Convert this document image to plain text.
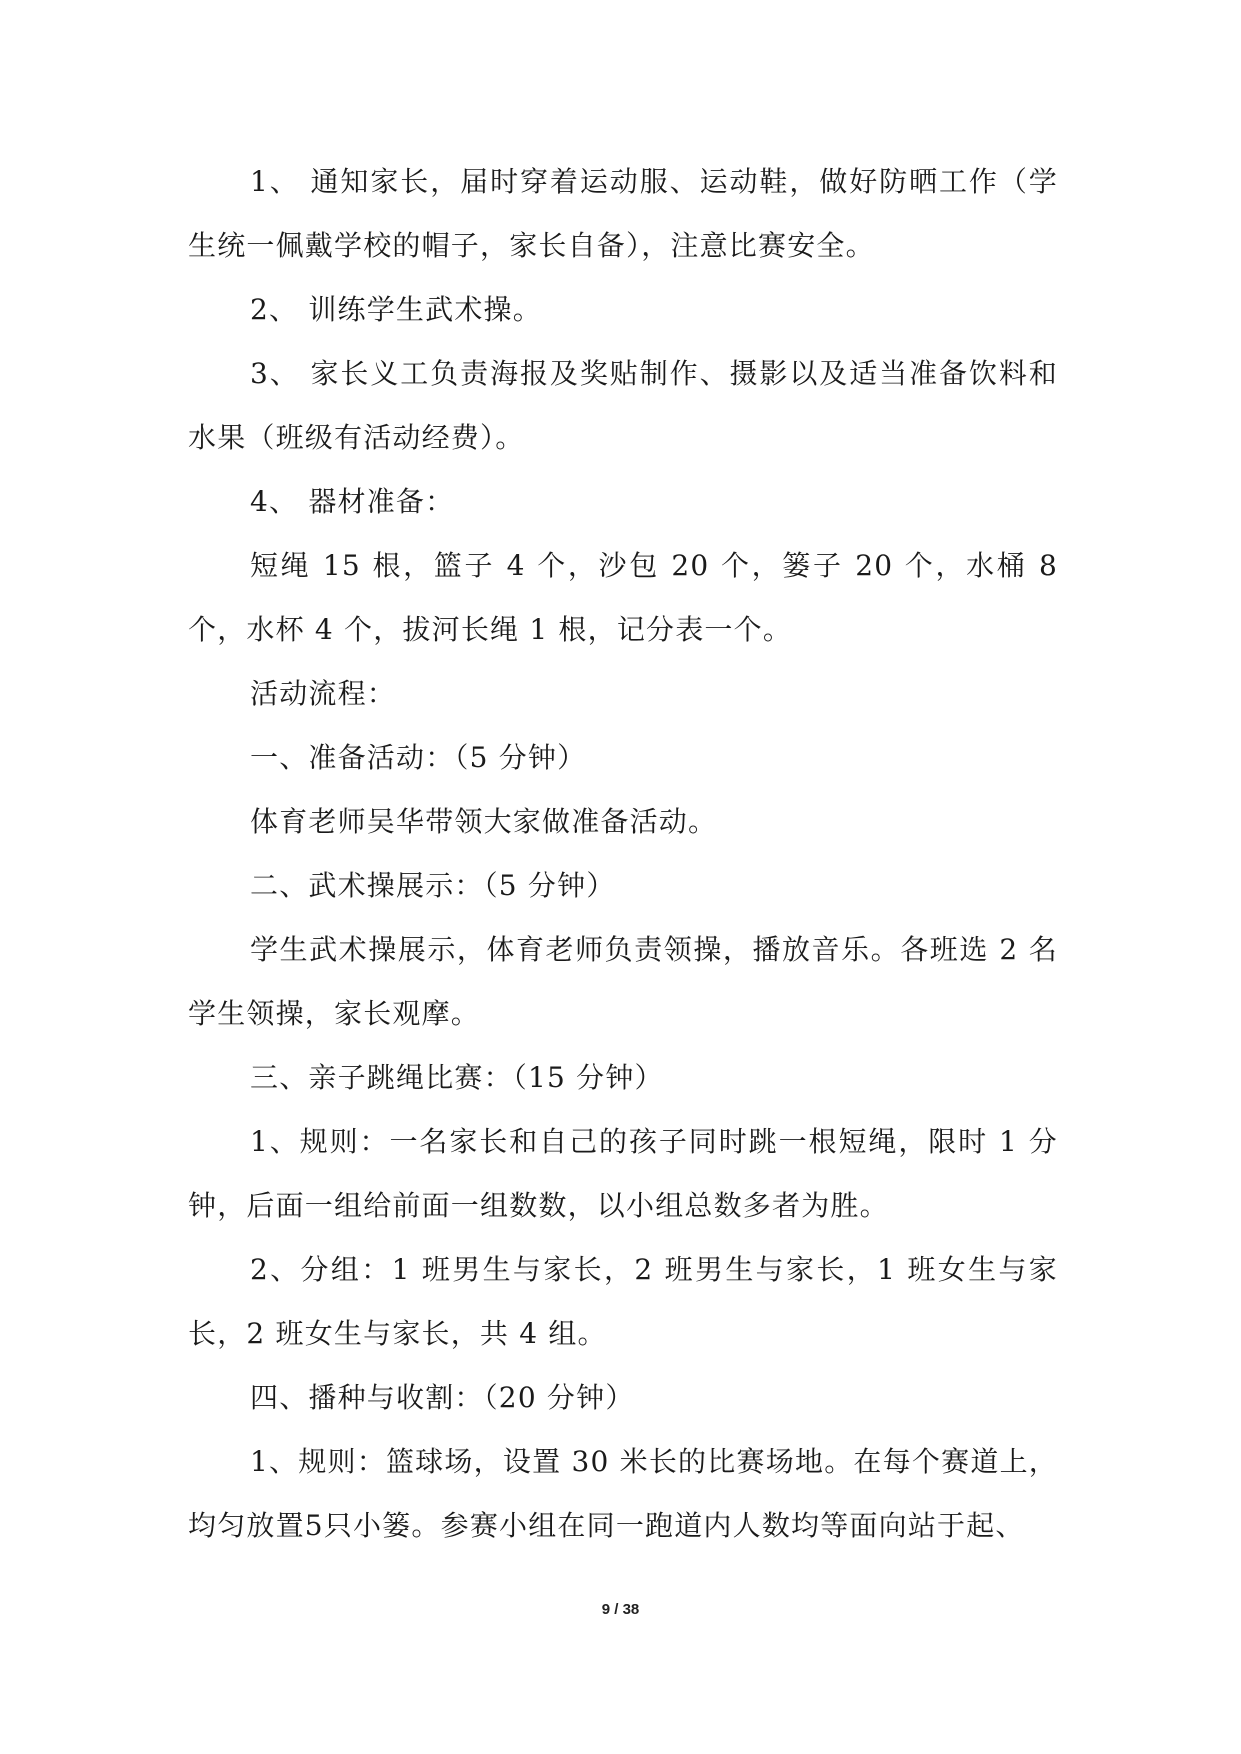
1、 通知家长，届时穿着运动服、运动鞋，做好防晒工作（学生统一佩戴学校的帽子，家长自备），注意比赛安全。

2、 训练学生武术操。

3、 家长义工负责海报及奖贴制作、摄影以及适当准备饮料和水果（班级有活动经费）。

4、 器材准备：

短绳 15 根，篮子 4 个，沙包 20 个，篓子 20 个，水桶 8 个，水杯 4 个，拔河长绳 1 根，记分表一个。

活动流程：

一、准备活动：（5 分钟）

体育老师吴华带领大家做准备活动。

二、武术操展示：（5 分钟）

学生武术操展示，体育老师负责领操，播放音乐。各班选 2 名学生领操，家长观摩。

三、亲子跳绳比赛：（15 分钟）

1、规则：一名家长和自己的孩子同时跳一根短绳，限时 1 分钟，后面一组给前面一组数数，以小组总数多者为胜。

2、分组：1 班男生与家长，2 班男生与家长，1 班女生与家长，2 班女生与家长，共 4 组。

四、播种与收割：（20 分钟）

1、规则：篮球场，设置 30 米长的比赛场地。在每个赛道上，均匀放置5只小篓。参赛小组在同一跑道内人数均等面向站于起、

9 / 38
